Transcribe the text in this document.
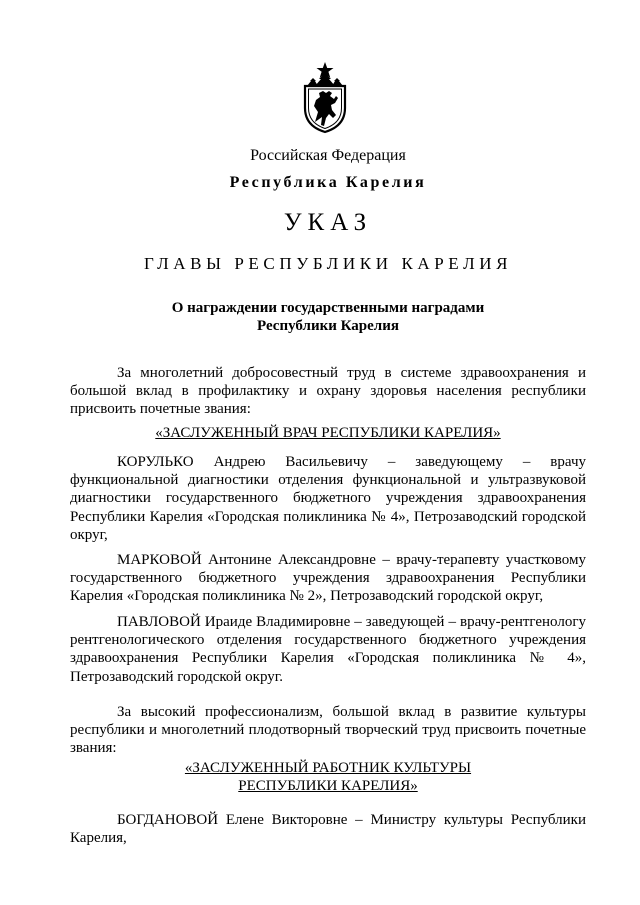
Российская Федерация
Республика Карелия
УКАЗ
ГЛАВЫ РЕСПУБЛИКИ КАРЕЛИЯ
О награждении государственными наградами
Республики Карелия
За многолетний добросовестный труд в системе здравоохранения и большой вклад в профилактику и охрану здоровья населения республики присвоить почетные звания:
«ЗАСЛУЖЕННЫЙ ВРАЧ РЕСПУБЛИКИ КАРЕЛИЯ»
КОРУЛЬКО Андрею Васильевичу – заведующему – врачу функциональной диагностики отделения функциональной и ультразвуковой диагностики государственного бюджетного учреждения здравоохранения Республики Карелия «Городская поликлиника № 4», Петрозаводский городской округ,
МАРКОВОЙ Антонине Александровне – врачу-терапевту участковому государственного бюджетного учреждения здравоохранения Республики Карелия «Городская поликлиника № 2», Петрозаводский городской округ,
ПАВЛОВОЙ Ираиде Владимировне – заведующей – врачу-рентгенологу рентгенологического отделения государственного бюджетного учреждения здравоохранения Республики Карелия «Городская поликлиника № 4», Петрозаводский городской округ.
За высокий профессионализм, большой вклад в развитие культуры республики и многолетний плодотворный творческий труд присвоить почетные звания:
«ЗАСЛУЖЕННЫЙ РАБОТНИК КУЛЬТУРЫ
РЕСПУБЛИКИ КАРЕЛИЯ»
БОГДАНОВОЙ Елене Викторовне – Министру культуры Республики Карелия,
